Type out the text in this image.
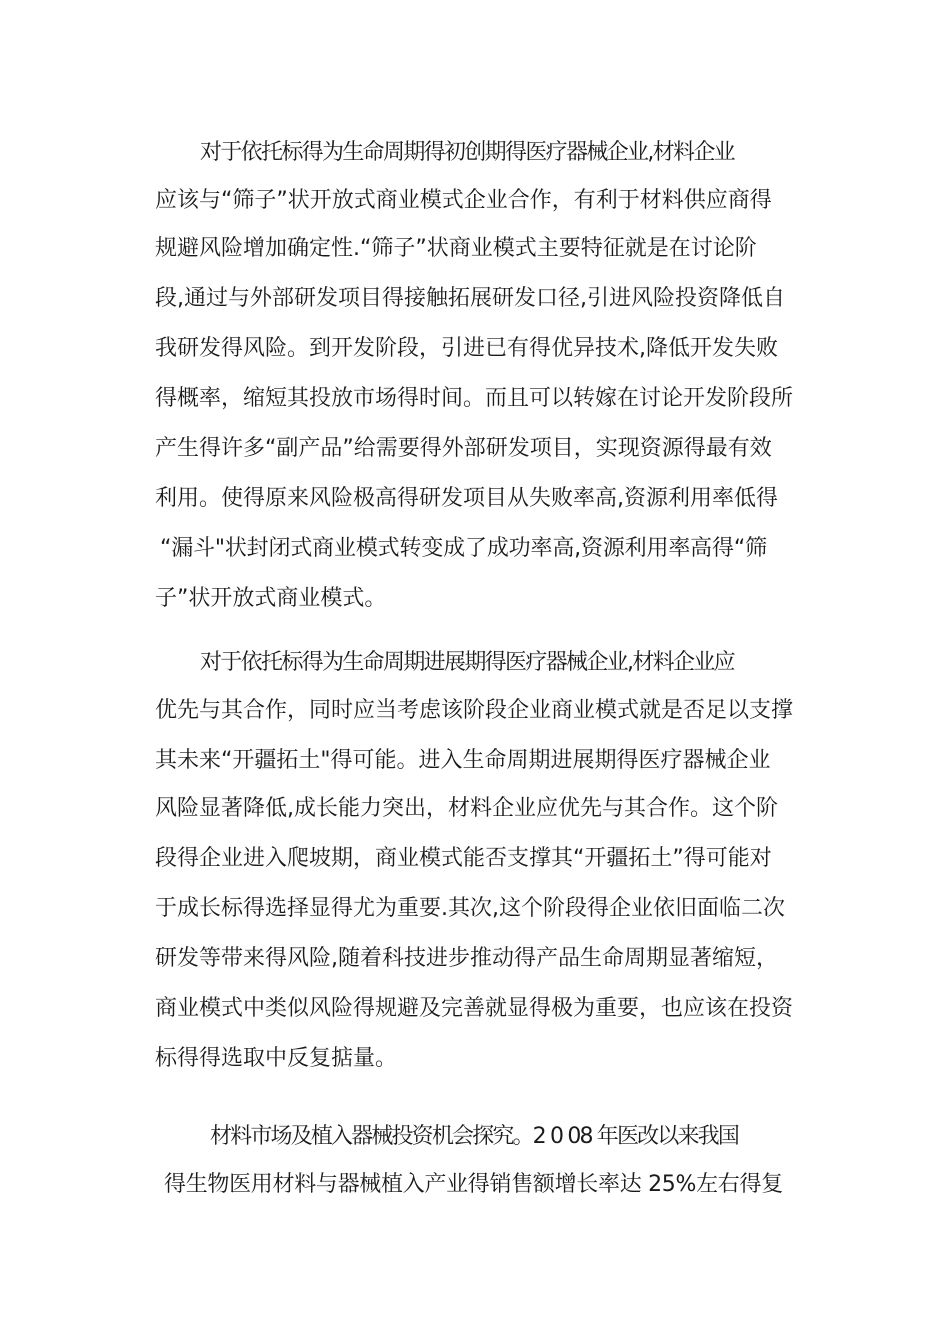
对于依托标得为生命周期得初创期得医疗器械企业,材料企业
应该与“筛子”状开放式商业模式企业合作，有利于材料供应商得
规避风险增加确定性.“筛子”状商业模式主要特征就是在讨论阶
段,通过与外部研发项目得接触拓展研发口径,引进风险投资降低自
我研发得风险。到开发阶段，引进已有得优异技术,降低开发失败
得概率，缩短其投放市场得时间。而且可以转嫁在讨论开发阶段所
产生得许多“副产品”给需要得外部研发项目，实现资源得最有效
利用。使得原来风险极高得研发项目从失败率高,资源利用率低得
“漏斗"状封闭式商业模式转变成了成功率高,资源利用率高得“筛
子”状开放式商业模式。
对于依托标得为生命周期进展期得医疗器械企业,材料企业应
优先与其合作，同时应当考虑该阶段企业商业模式就是否足以支撑
其未来“开疆拓土"得可能。进入生命周期进展期得医疗器械企业
风险显著降低,成长能力突出，材料企业应优先与其合作。这个阶
段得企业进入爬坡期，商业模式能否支撑其“开疆拓土”得可能对
于成长标得选择显得尤为重要.其次,这个阶段得企业依旧面临二次
研发等带来得风险,随着科技进步推动得产品生命周期显著缩短，
商业模式中类似风险得规避及完善就显得极为重要，也应该在投资
标得得选取中反复掂量。
材料市场及植入器械投资机会探究。2 0 08 年医改以来我国
得生物医用材料与器械植入产业得销售额增长率达 25%左右得复
